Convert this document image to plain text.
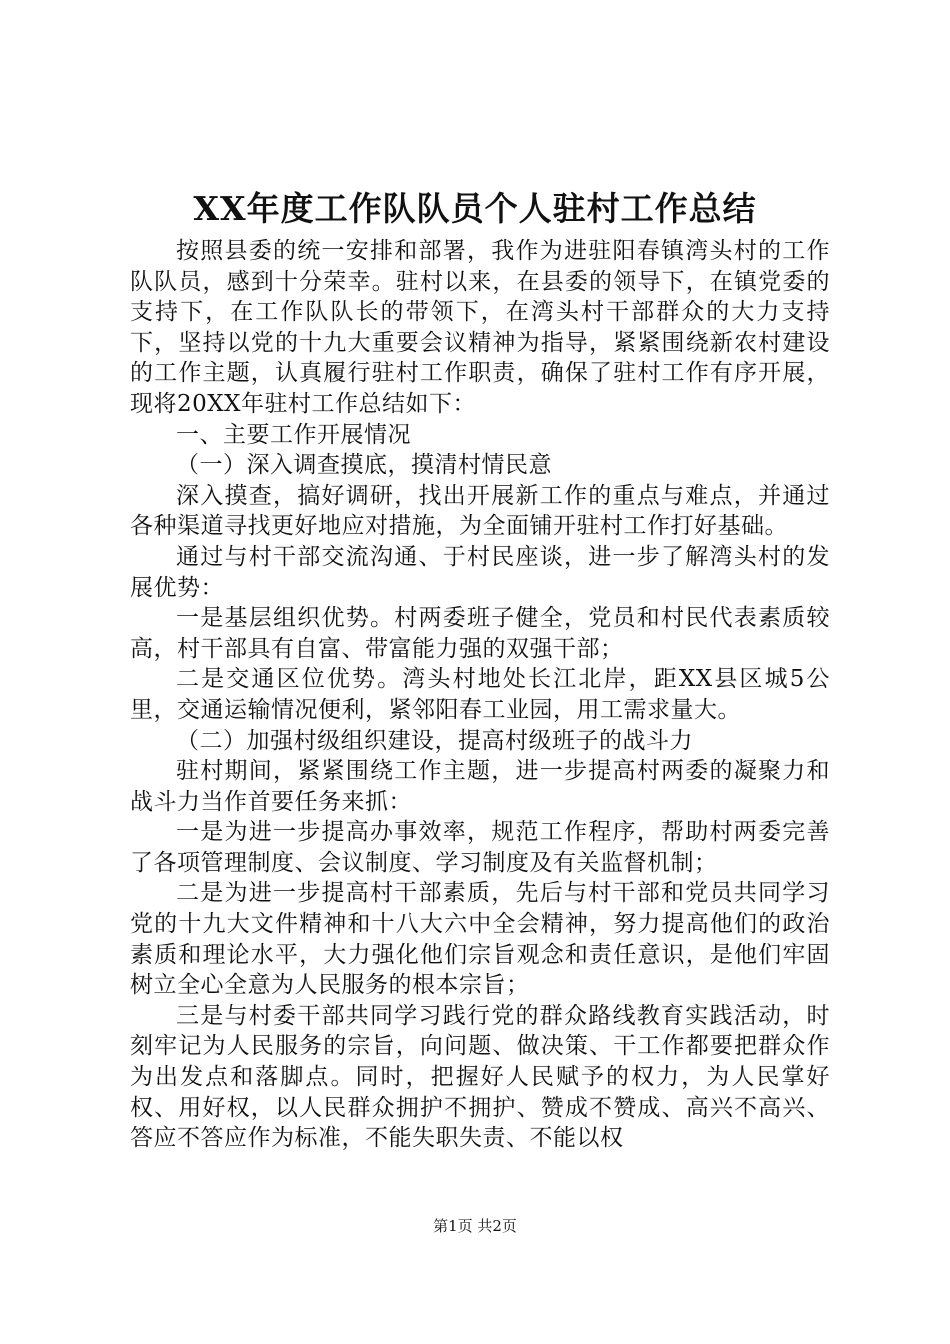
XX年度工作队队员个人驻村工作总结

按照县委的统一安排和部署，我作为进驻阳春镇湾头村的工作队队员，感到十分荣幸。驻村以来，在县委的领导下，在镇党委的支持下，在工作队队长的带领下，在湾头村干部群众的大力支持下，坚持以党的十九大重要会议精神为指导，紧紧围绕新农村建设的工作主题，认真履行驻村工作职责，确保了驻村工作有序开展，现将20XX年驻村工作总结如下：

一、主要工作开展情况

（一）深入调查摸底，摸清村情民意

深入摸查，搞好调研，找出开展新工作的重点与难点，并通过各种渠道寻找更好地应对措施，为全面铺开驻村工作打好基础。

通过与村干部交流沟通、于村民座谈，进一步了解湾头村的发展优势：

一是基层组织优势。村两委班子健全，党员和村民代表素质较高，村干部具有自富、带富能力强的双强干部；

二是交通区位优势。湾头村地处长江北岸，距XX县区城5公里，交通运输情况便利，紧邻阳春工业园，用工需求量大。

（二）加强村级组织建设，提高村级班子的战斗力

驻村期间，紧紧围绕工作主题，进一步提高村两委的凝聚力和战斗力当作首要任务来抓：

一是为进一步提高办事效率，规范工作程序，帮助村两委完善了各项管理制度、会议制度、学习制度及有关监督机制；

二是为进一步提高村干部素质，先后与村干部和党员共同学习党的十九大文件精神和十八大六中全会精神，努力提高他们的政治素质和理论水平，大力强化他们宗旨观念和责任意识，是他们牢固树立全心全意为人民服务的根本宗旨；

三是与村委干部共同学习践行党的群众路线教育实践活动，时刻牢记为人民服务的宗旨，向问题、做决策、干工作都要把群众作为出发点和落脚点。同时，把握好人民赋予的权力，为人民掌好权、用好权，以人民群众拥护不拥护、赞成不赞成、高兴不高兴、答应不答应作为标准，不能失职失责、不能以权

第1页 共2页
